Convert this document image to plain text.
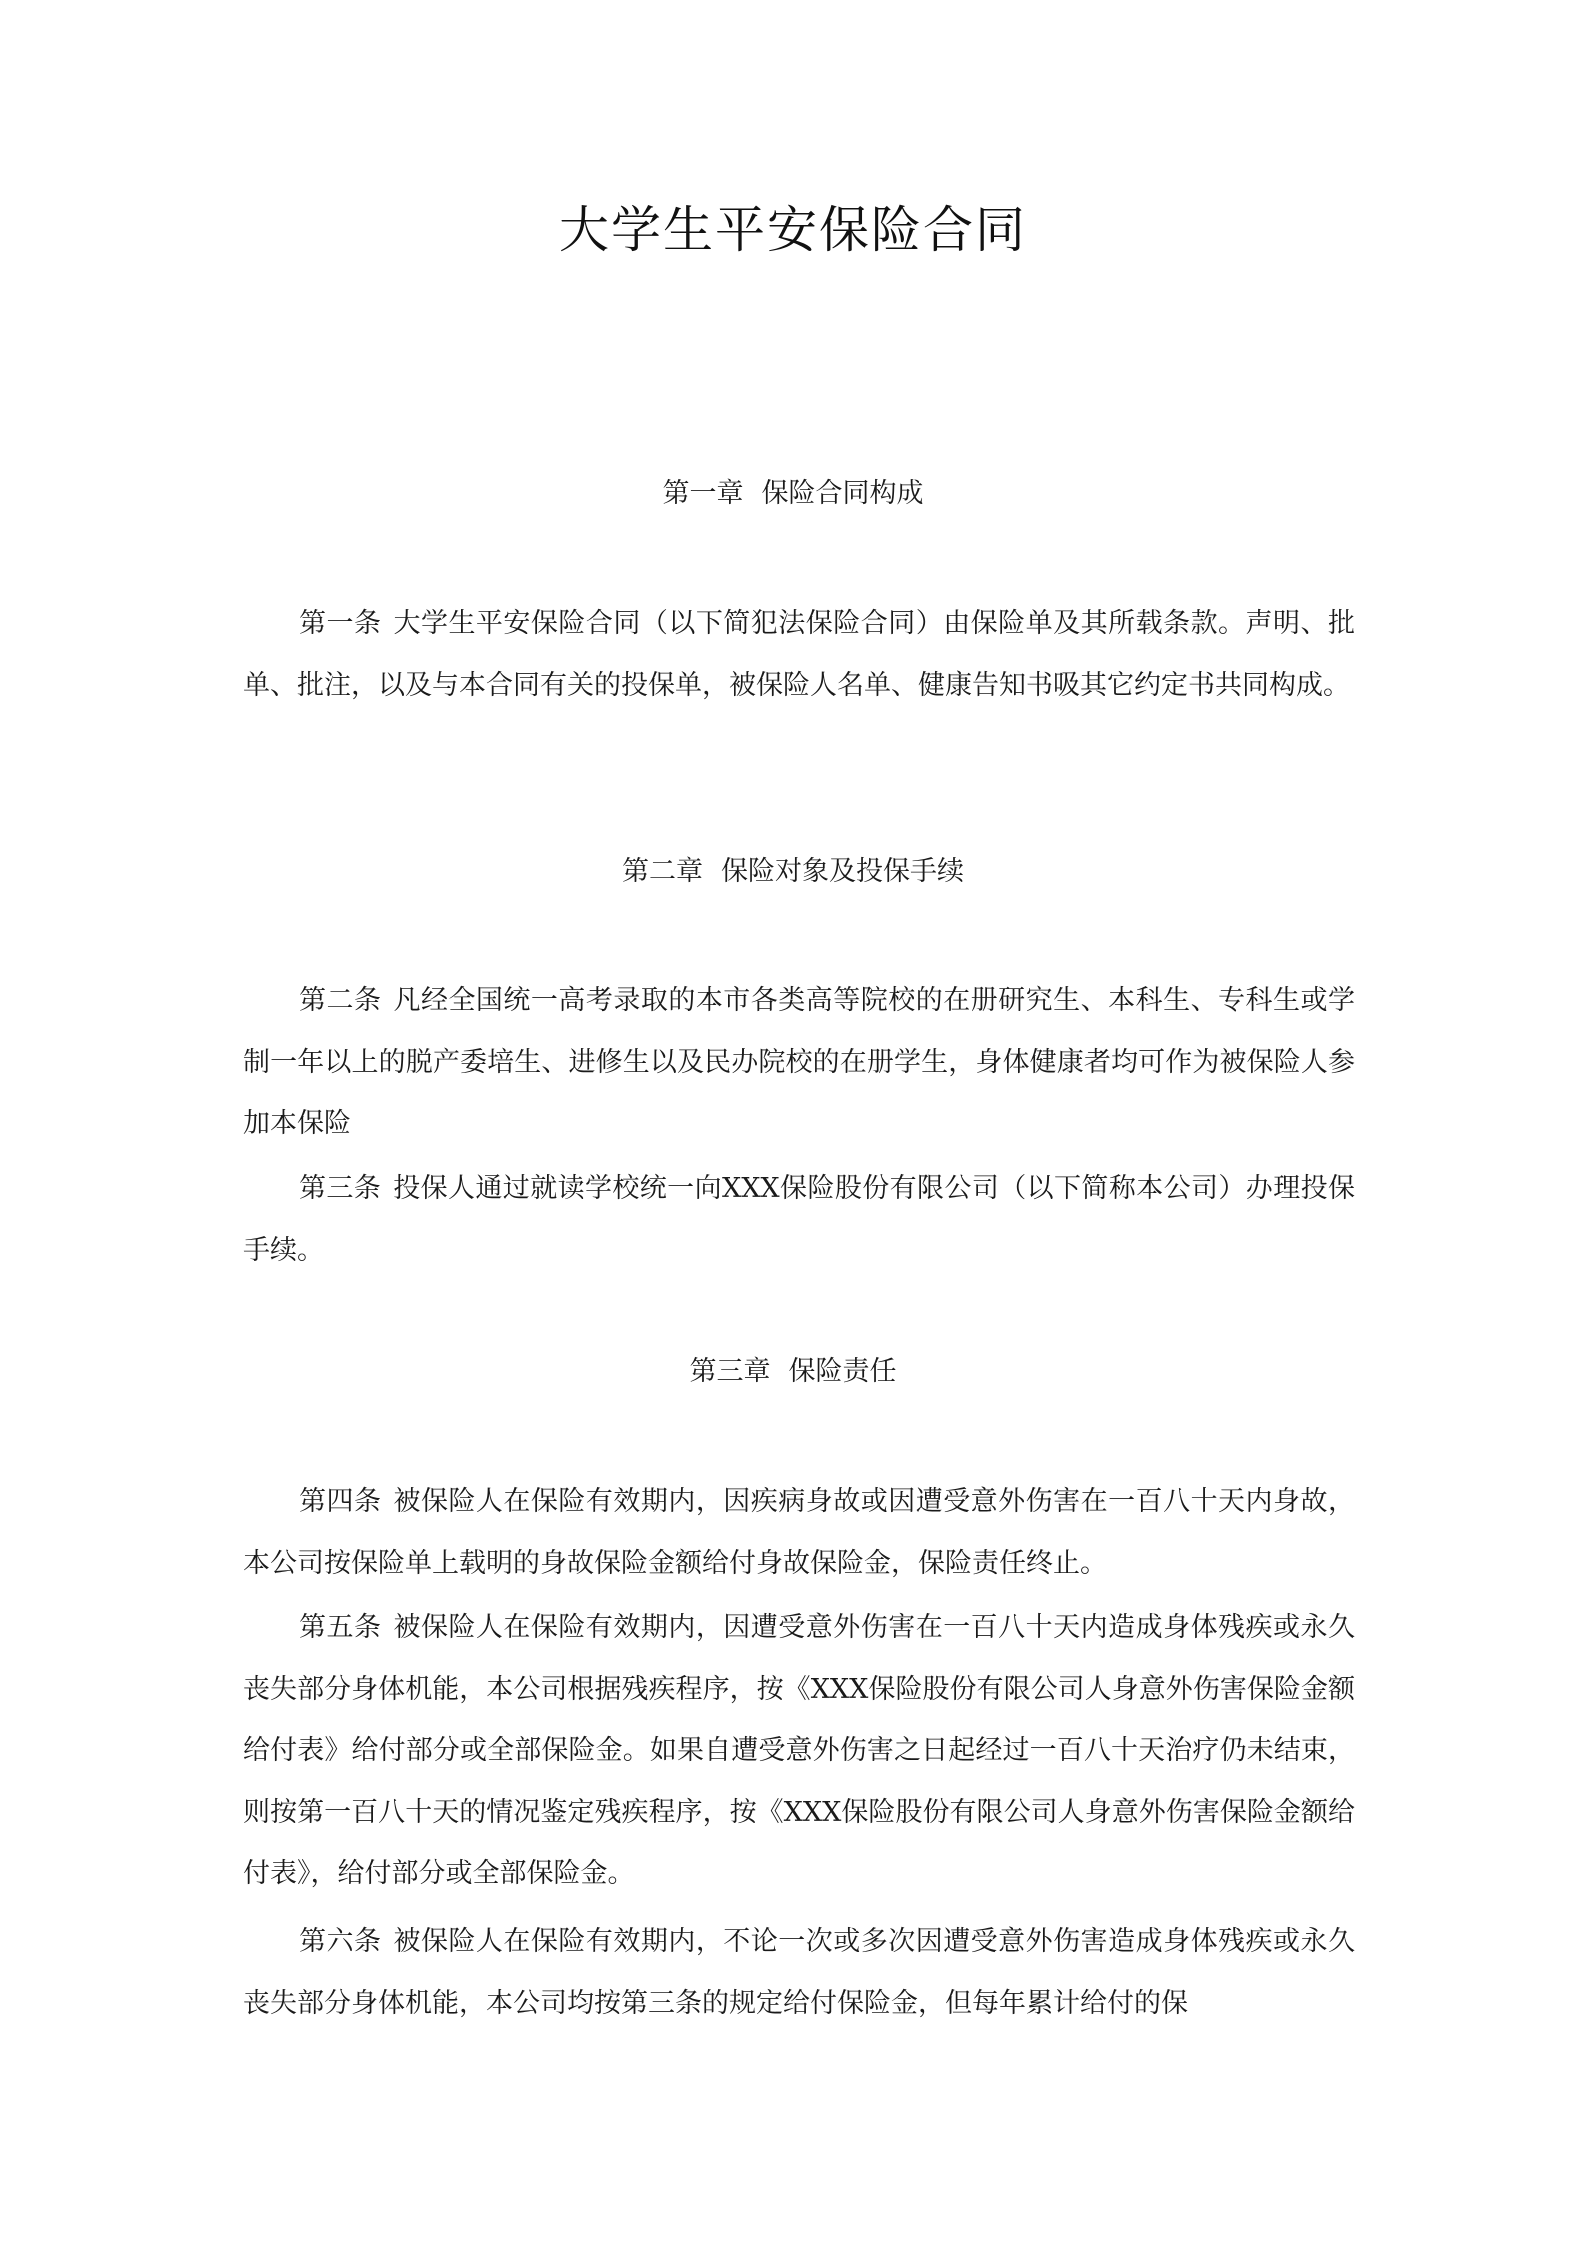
大学生平安保险合同
第一章 保险合同构成
第一条 大学生平安保险合同（以下简犯法保险合同）由保险单及其所载条款。声明、批单、批注，以及与本合同有关的投保单，被保险人名单、健康告知书吸其它约定书共同构成。
第二章 保险对象及投保手续
第二条 凡经全国统一高考录取的本市各类高等院校的在册研究生、本科生、专科生或学制一年以上的脱产委培生、进修生以及民办院校的在册学生，身体健康者均可作为被保险人参加本保险
第三条 投保人通过就读学校统一向XXX保险股份有限公司（以下简称本公司）办理投保手续。
第三章 保险责任
第四条 被保险人在保险有效期内，因疾病身故或因遭受意外伤害在一百八十天内身故，本公司按保险单上载明的身故保险金额给付身故保险金，保险责任终止。
第五条 被保险人在保险有效期内，因遭受意外伤害在一百八十天内造成身体残疾或永久丧失部分身体机能，本公司根据残疾程序，按《XXX保险股份有限公司人身意外伤害保险金额给付表》给付部分或全部保险金。如果自遭受意外伤害之日起经过一百八十天治疗仍未结束，则按第一百八十天的情况鉴定残疾程序，按《XXX保险股份有限公司人身意外伤害保险金额给付表》，给付部分或全部保险金。
第六条 被保险人在保险有效期内，不论一次或多次因遭受意外伤害造成身体残疾或永久丧失部分身体机能，本公司均按第三条的规定给付保险金，但每年累计给付的保
